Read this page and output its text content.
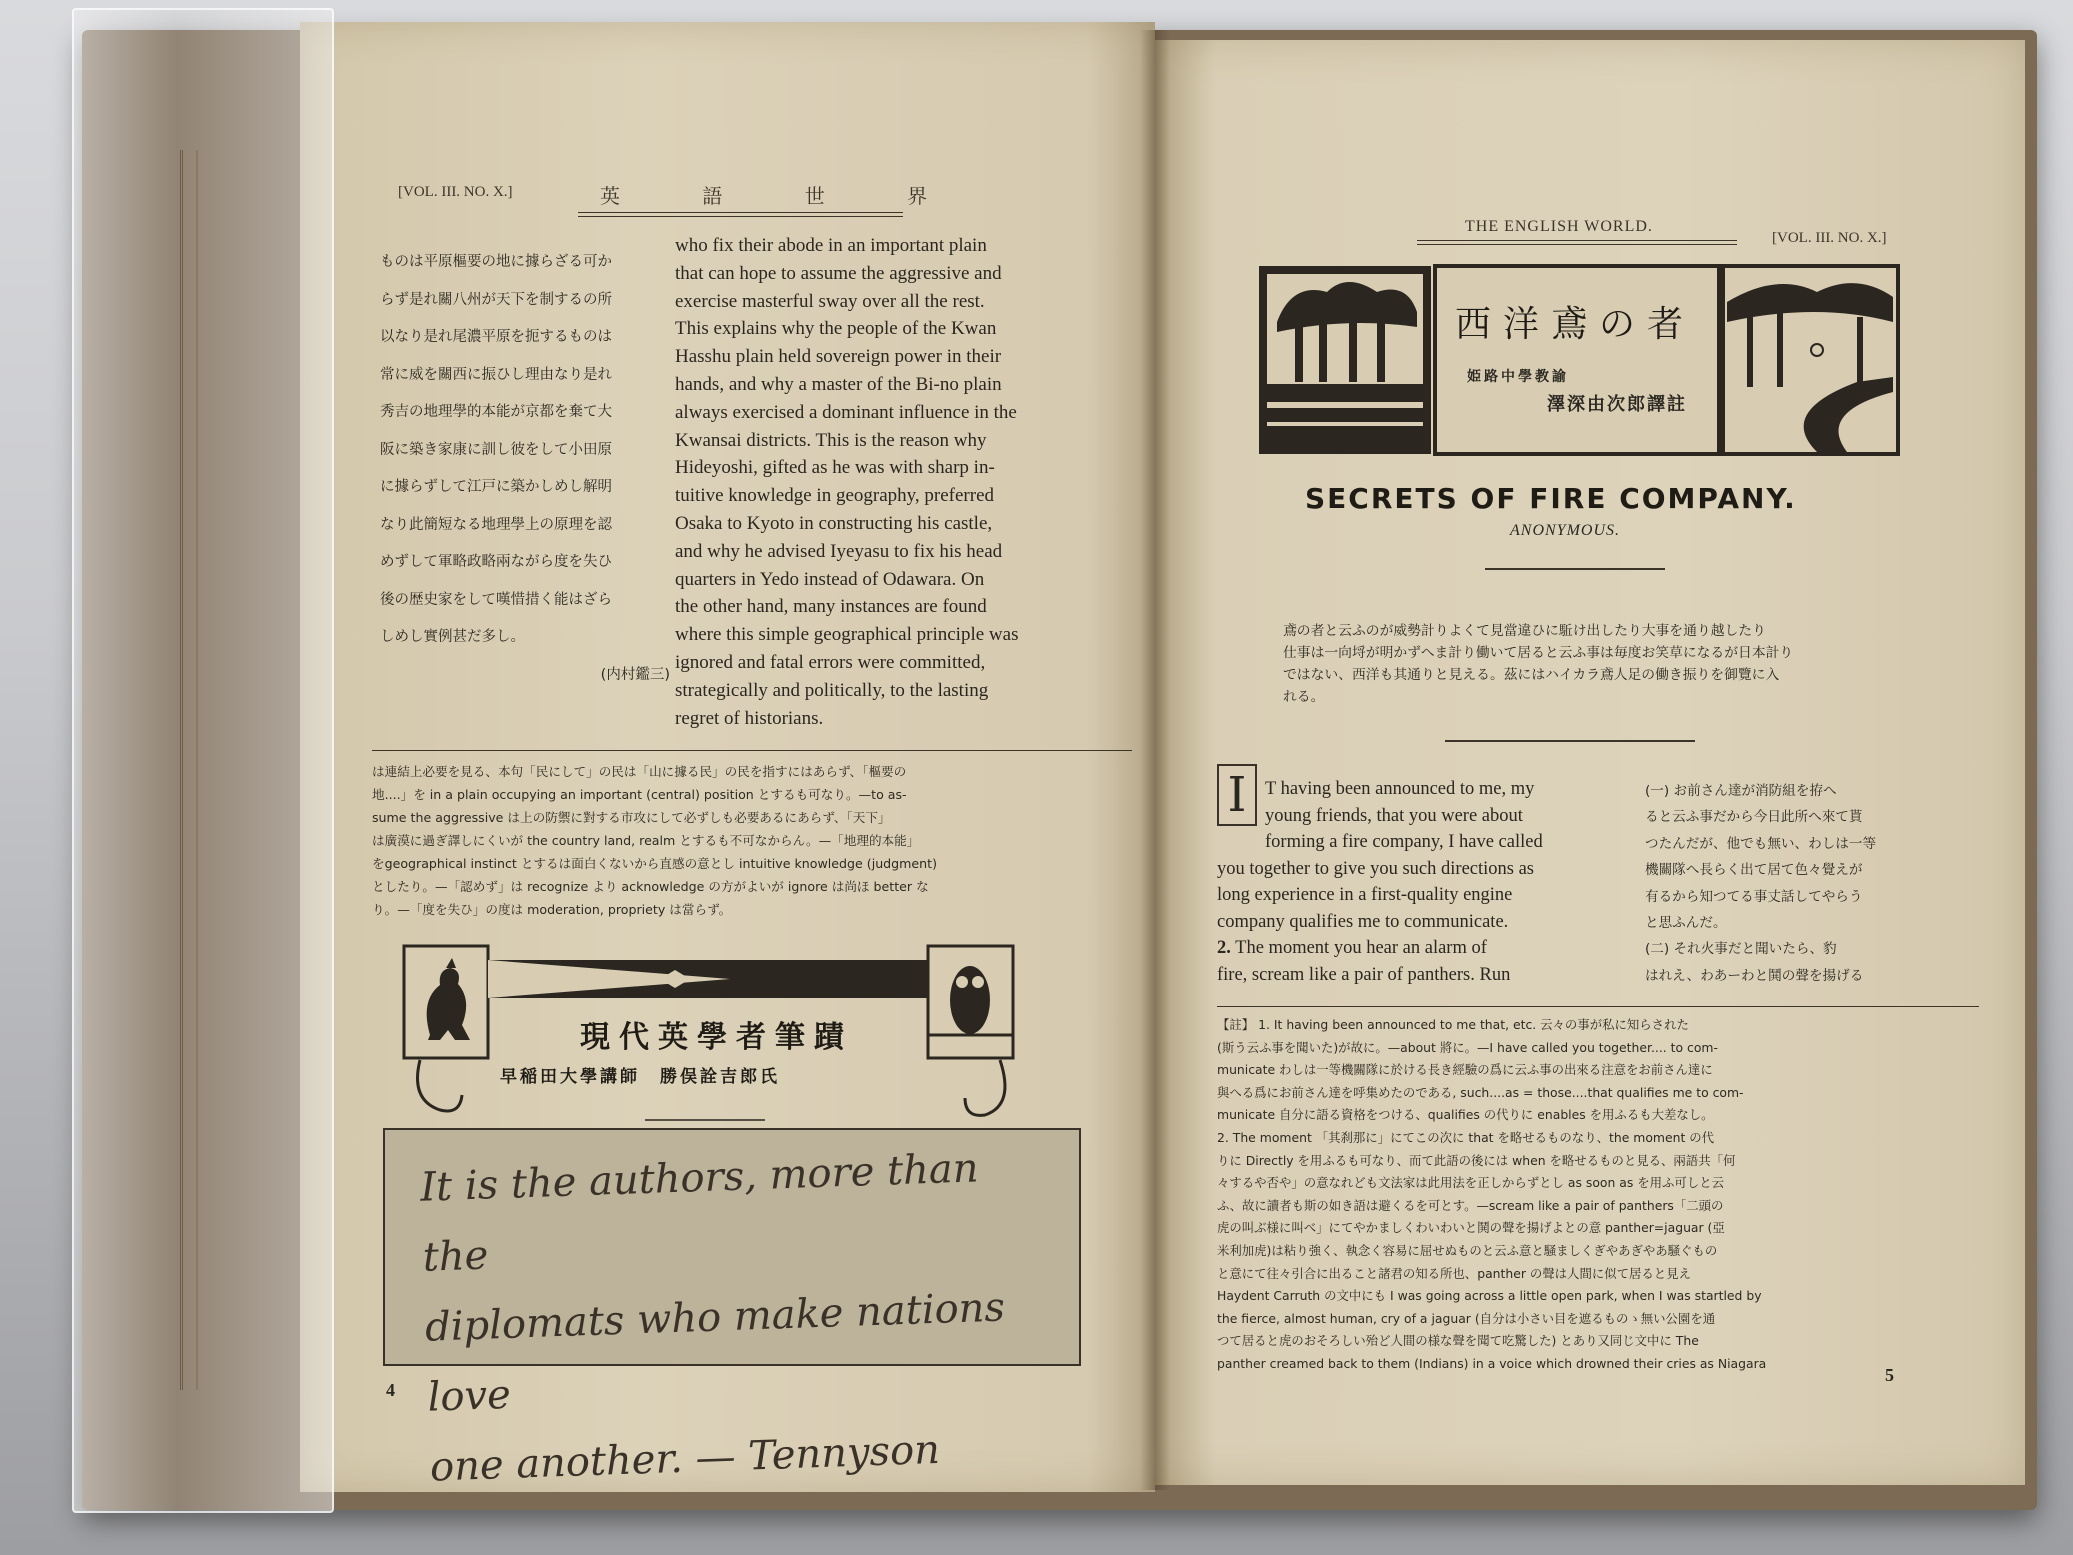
[VOL. III. NO. X.]	英 語 世 界
ものは平原樞要の地に據らざる可か
らず是れ關八州が天下を制するの所
以なり是れ尾濃平原を扼するものは
常に威を關西に振ひし理由なり是れ
秀吉の地理學的本能が京都を棄て大
阪に築き家康に訓し彼をして小田原
に據らずして江戸に築かしめし解明
なり此簡短なる地理學上の原理を認
めずして軍略政略兩ながら度を失ひ
後の歴史家をして嘆惜措く能はざら
しめし實例甚だ多し。
(内村鑑三)

who fix their abode in an important plain

that can hope to assume the aggressive and

exercise masterful sway over all the rest.

This explains why the people of the Kwan

Hasshu plain held sovereign power in their

hands, and why a master of the Bi-no plain

always exercised a dominant influence in the

Kwansai districts. This is the reason why

Hideyoshi, gifted as he was with sharp in-

tuitive knowledge in geography, preferred

Osaka to Kyoto in constructing his castle,

and why he advised Iyeyasu to fix his head

quarters in Yedo instead of Odawara. On

the other hand, many instances are found

where this simple geographical principle was

ignored and fatal errors were committed,

strategically and politically, to the lasting

regret of historians.

は連結上必要を見る、本句「民にして」の民は「山に據る民」の民を指すにはあらず、「樞要の
地....」を in a plain occupying an important (central) position とするも可なり。—to as-
sume the aggressive は上の防禦に對する市攻にして必ずしも必要あるにあらず、「天下」
は廣漠に過ぎ譯しにくいが the country land, realm とするも不可なからん。—「地理的本能」
をgeographical instinct とするは面白くないから直感の意とし intuitive knowledge (judgment)
としたり。—「認めず」は recognize より acknowledge の方がよいが ignore は尚ほ better な
り。—「度を失ひ」の度は moderation, propriety は當らず。
現代英學者筆蹟
早稲田大學講師　勝俣詮吉郎氏
It is the authors, more than the
diplomats who make nations love
one another. — Tennyson
4
THE ENGLISH WORLD.
[VOL. III. NO. X.]
西洋鳶の者
姫路中學教諭
澤深由次郎譯註
SECRETS OF FIRE COMPANY.
ANONYMOUS.
鳶の者と云ふのが威勢計りよくて見當違ひに駈け出したり大事を通り越したり
仕事は一向埒が明かずへま計り働いて居ると云ふ事は毎度お笑草になるが日本計り
ではない、西洋も其通りと見える。茲にはハイカラ鳶人足の働き振りを御覽に入
れる。
I	T having been announced to me, my

young friends, that you were about

forming a fire company, I have called

you together to give you such directions as

long experience in a first-quality engine

company qualifies me to communicate.

2. The moment you hear an alarm of

fire, scream like a pair of panthers. Run

(一) お前さん達が消防組を拵へ
ると云ふ事だから今日此所へ來て貰
つたんだが、他でも無い、わしは一等
機關隊へ長らく出て居て色々覺えが
有るから知つてる事丈話してやらう
と思ふんだ。
(二) それ火事だと聞いたら、豹
はれえ、わあーわと鬨の聲を揚げる
【註】 1. It having been announced to me that, etc. 云々の事が私に知らされた
(斯う云ふ事を聞いた)が故に。—about 將に。—I have called you together.... to com-
municate わしは一等機關隊に於ける長き經驗の爲に云ふ事の出來る注意をお前さん達に
與へる爲にお前さん達を呼集めたのである, such....as = those....that qualifies me to com-
municate 自分に語る資格をつける、qualifies の代りに enables を用ふるも大差なし。
2. The moment 「其刹那に」にてこの次に that を略せるものなり、the moment の代
りに Directly を用ふるも可なり、而て此語の後には when を略せるものと見る、兩語共「何
々するや否や」の意なれども文法家は此用法を正しからずとし as soon as を用ふ可しと云
ふ、故に讀者も斯の如き語は避くるを可とす。—scream like a pair of panthers「二頭の
虎の叫ぶ様に叫べ」にてやかましくわいわいと鬨の聲を揚げよとの意 panther=jaguar (亞
米利加虎)は粘り強く、執念く容易に屈せぬものと云ふ意と騒ましくぎやあぎやあ騒ぐもの
と意にて往々引合に出ること諸君の知る所也、panther の聲は人間に似て居ると見え
Haydent Carruth の文中にも I was going across a little open park, when I was startled by
the fierce, almost human, cry of a jaguar (自分は小さい目を遮るものゝ無い公園を通
つて居ると虎のおそろしい殆ど人間の様な聲を聞て吃驚した) とあり又同じ文中に The
panther creamed back to them (Indians) in a voice which drowned their cries as Niagara
5
